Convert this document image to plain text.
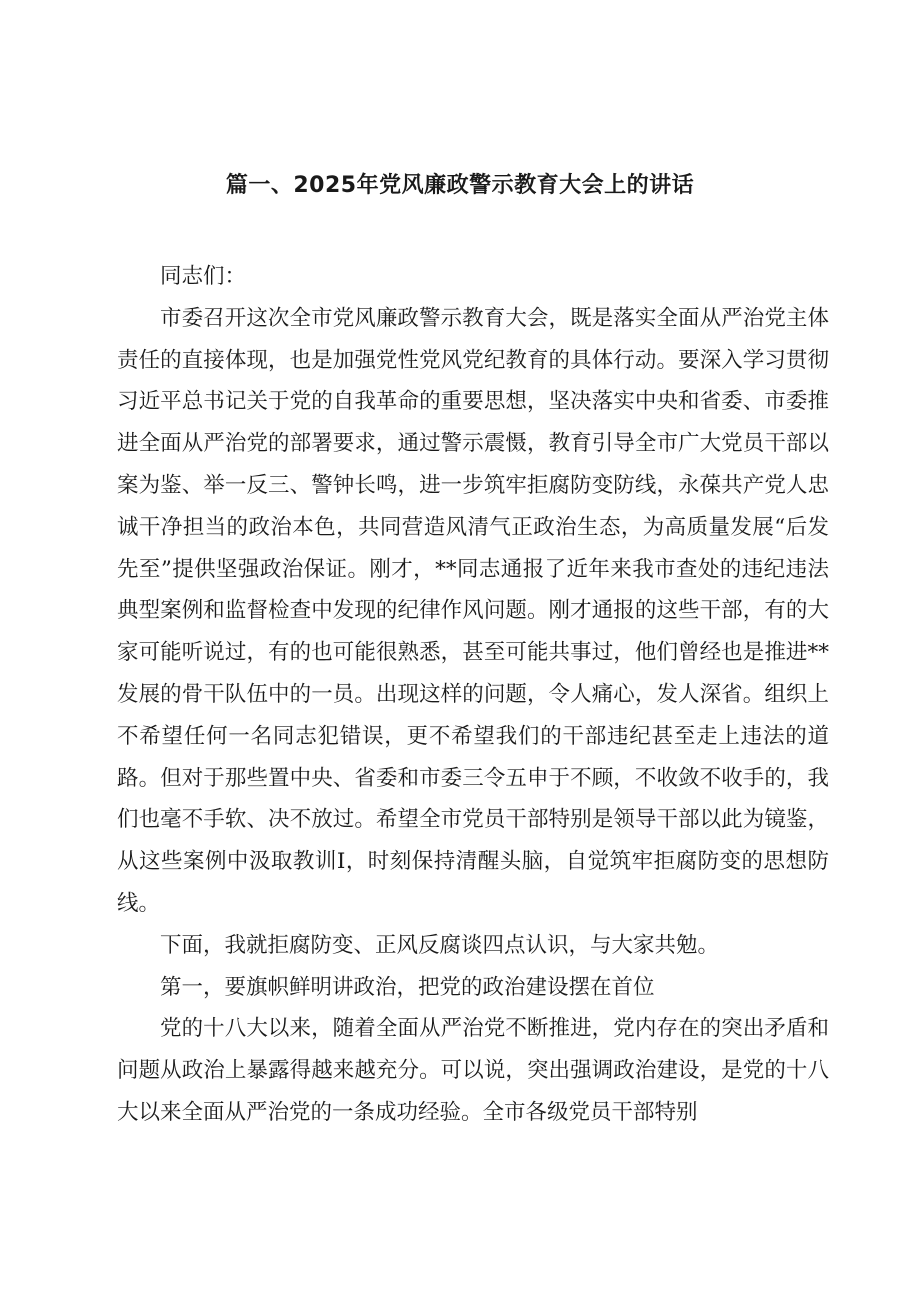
篇一、2025年党风廉政警示教育大会上的讲话

同志们：

市委召开这次全市党风廉政警示教育大会，既是落实全面从严治党主体责任的直接体现，也是加强党性党风党纪教育的具体行动。要深入学习贯彻习近平总书记关于党的自我革命的重要思想，坚决落实中央和省委、市委推进全面从严治党的部署要求，通过警示震慑，教育引导全市广大党员干部以案为鉴、举一反三、警钟长鸣，进一步筑牢拒腐防变防线，永葆共产党人忠诚干净担当的政治本色，共同营造风清气正政治生态，为高质量发展“后发先至”提供坚强政治保证。刚才，**同志通报了近年来我市查处的违纪违法典型案例和监督检查中发现的纪律作风问题。刚才通报的这些干部，有的大家可能听说过，有的也可能很熟悉，甚至可能共事过，他们曾经也是推进**发展的骨干队伍中的一员。出现这样的问题，令人痛心，发人深省。组织上不希望任何一名同志犯错误，更不希望我们的干部违纪甚至走上违法的道路。但对于那些置中央、省委和市委三令五申于不顾，不收敛不收手的，我们也毫不手软、决不放过。希望全市党员干部特别是领导干部以此为镜鉴，从这些案例中汲取教训I，时刻保持清醒头脑，自觉筑牢拒腐防变的思想防线。

下面，我就拒腐防变、正风反腐谈四点认识，与大家共勉。

第一，要旗帜鲜明讲政治，把党的政治建设摆在首位

党的十八大以来，随着全面从严治党不断推进，党内存在的突出矛盾和问题从政治上暴露得越来越充分。可以说，突出强调政治建设，是党的十八大以来全面从严治党的一条成功经验。全市各级党员干部特别
